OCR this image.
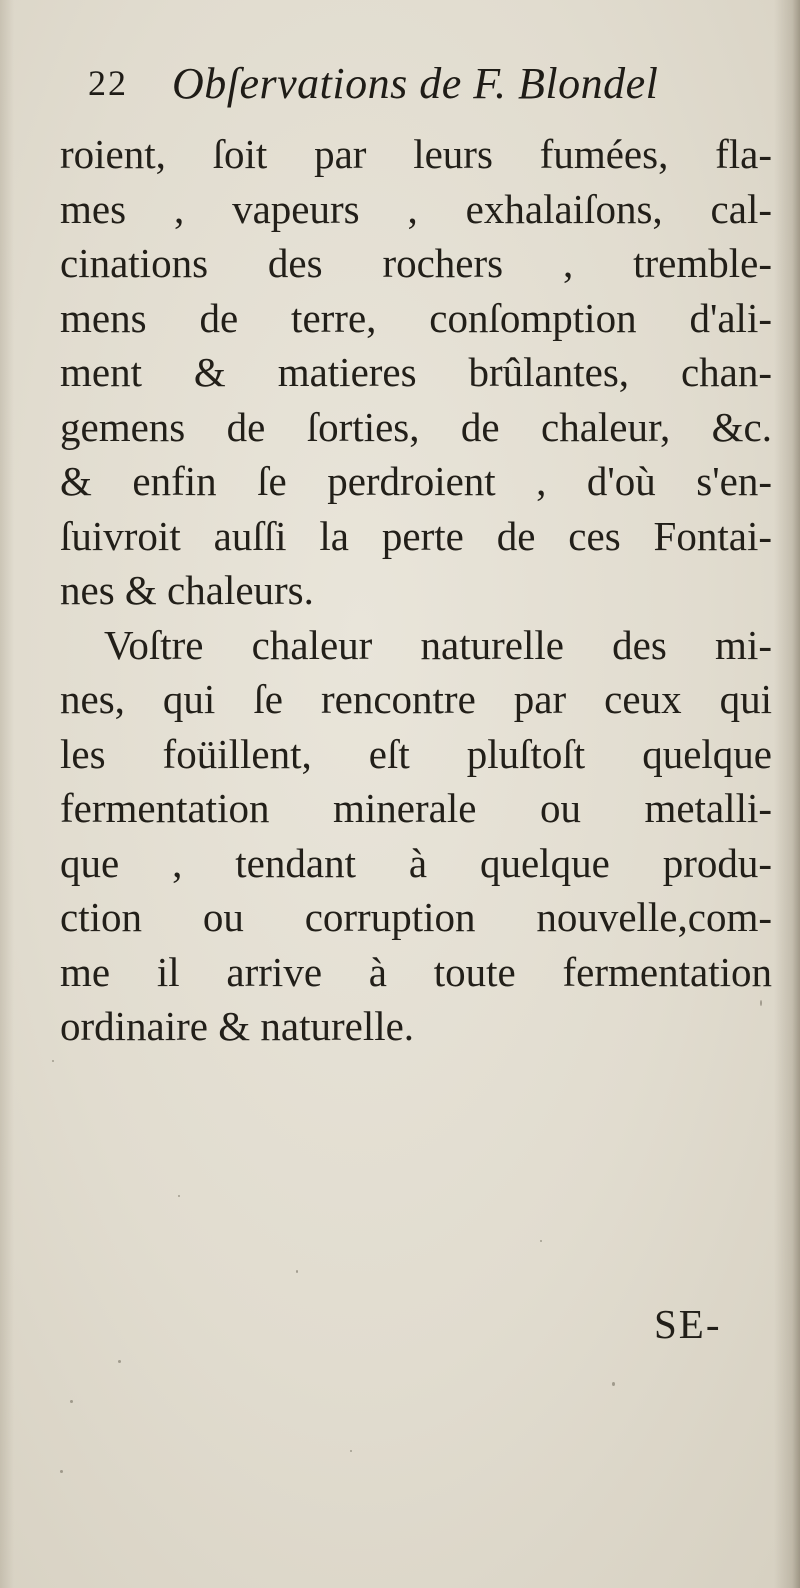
22 Obſervations de F. Blondel
roient, ſoit par leurs fumées, fla-
mes , vapeurs , exhalaiſons, cal-
cinations des rochers , tremble-
mens de terre, conſomption d'ali-
ment & matieres brûlantes, chan-
gemens de ſorties, de chaleur, &c.
& enfin ſe perdroient , d'où s'en-
ſuivroit auſſi la perte de ces Fontai-
nes & chaleurs.
Voſtre chaleur naturelle des mi-
nes, qui ſe rencontre par ceux qui
les foüillent, eſt pluſtoſt quelque
fermentation minerale ou metalli-
que , tendant à quelque produ-
ction ou corruption nouvelle,com-
me il arrive à toute fermentation
ordinaire & naturelle.
SE-
